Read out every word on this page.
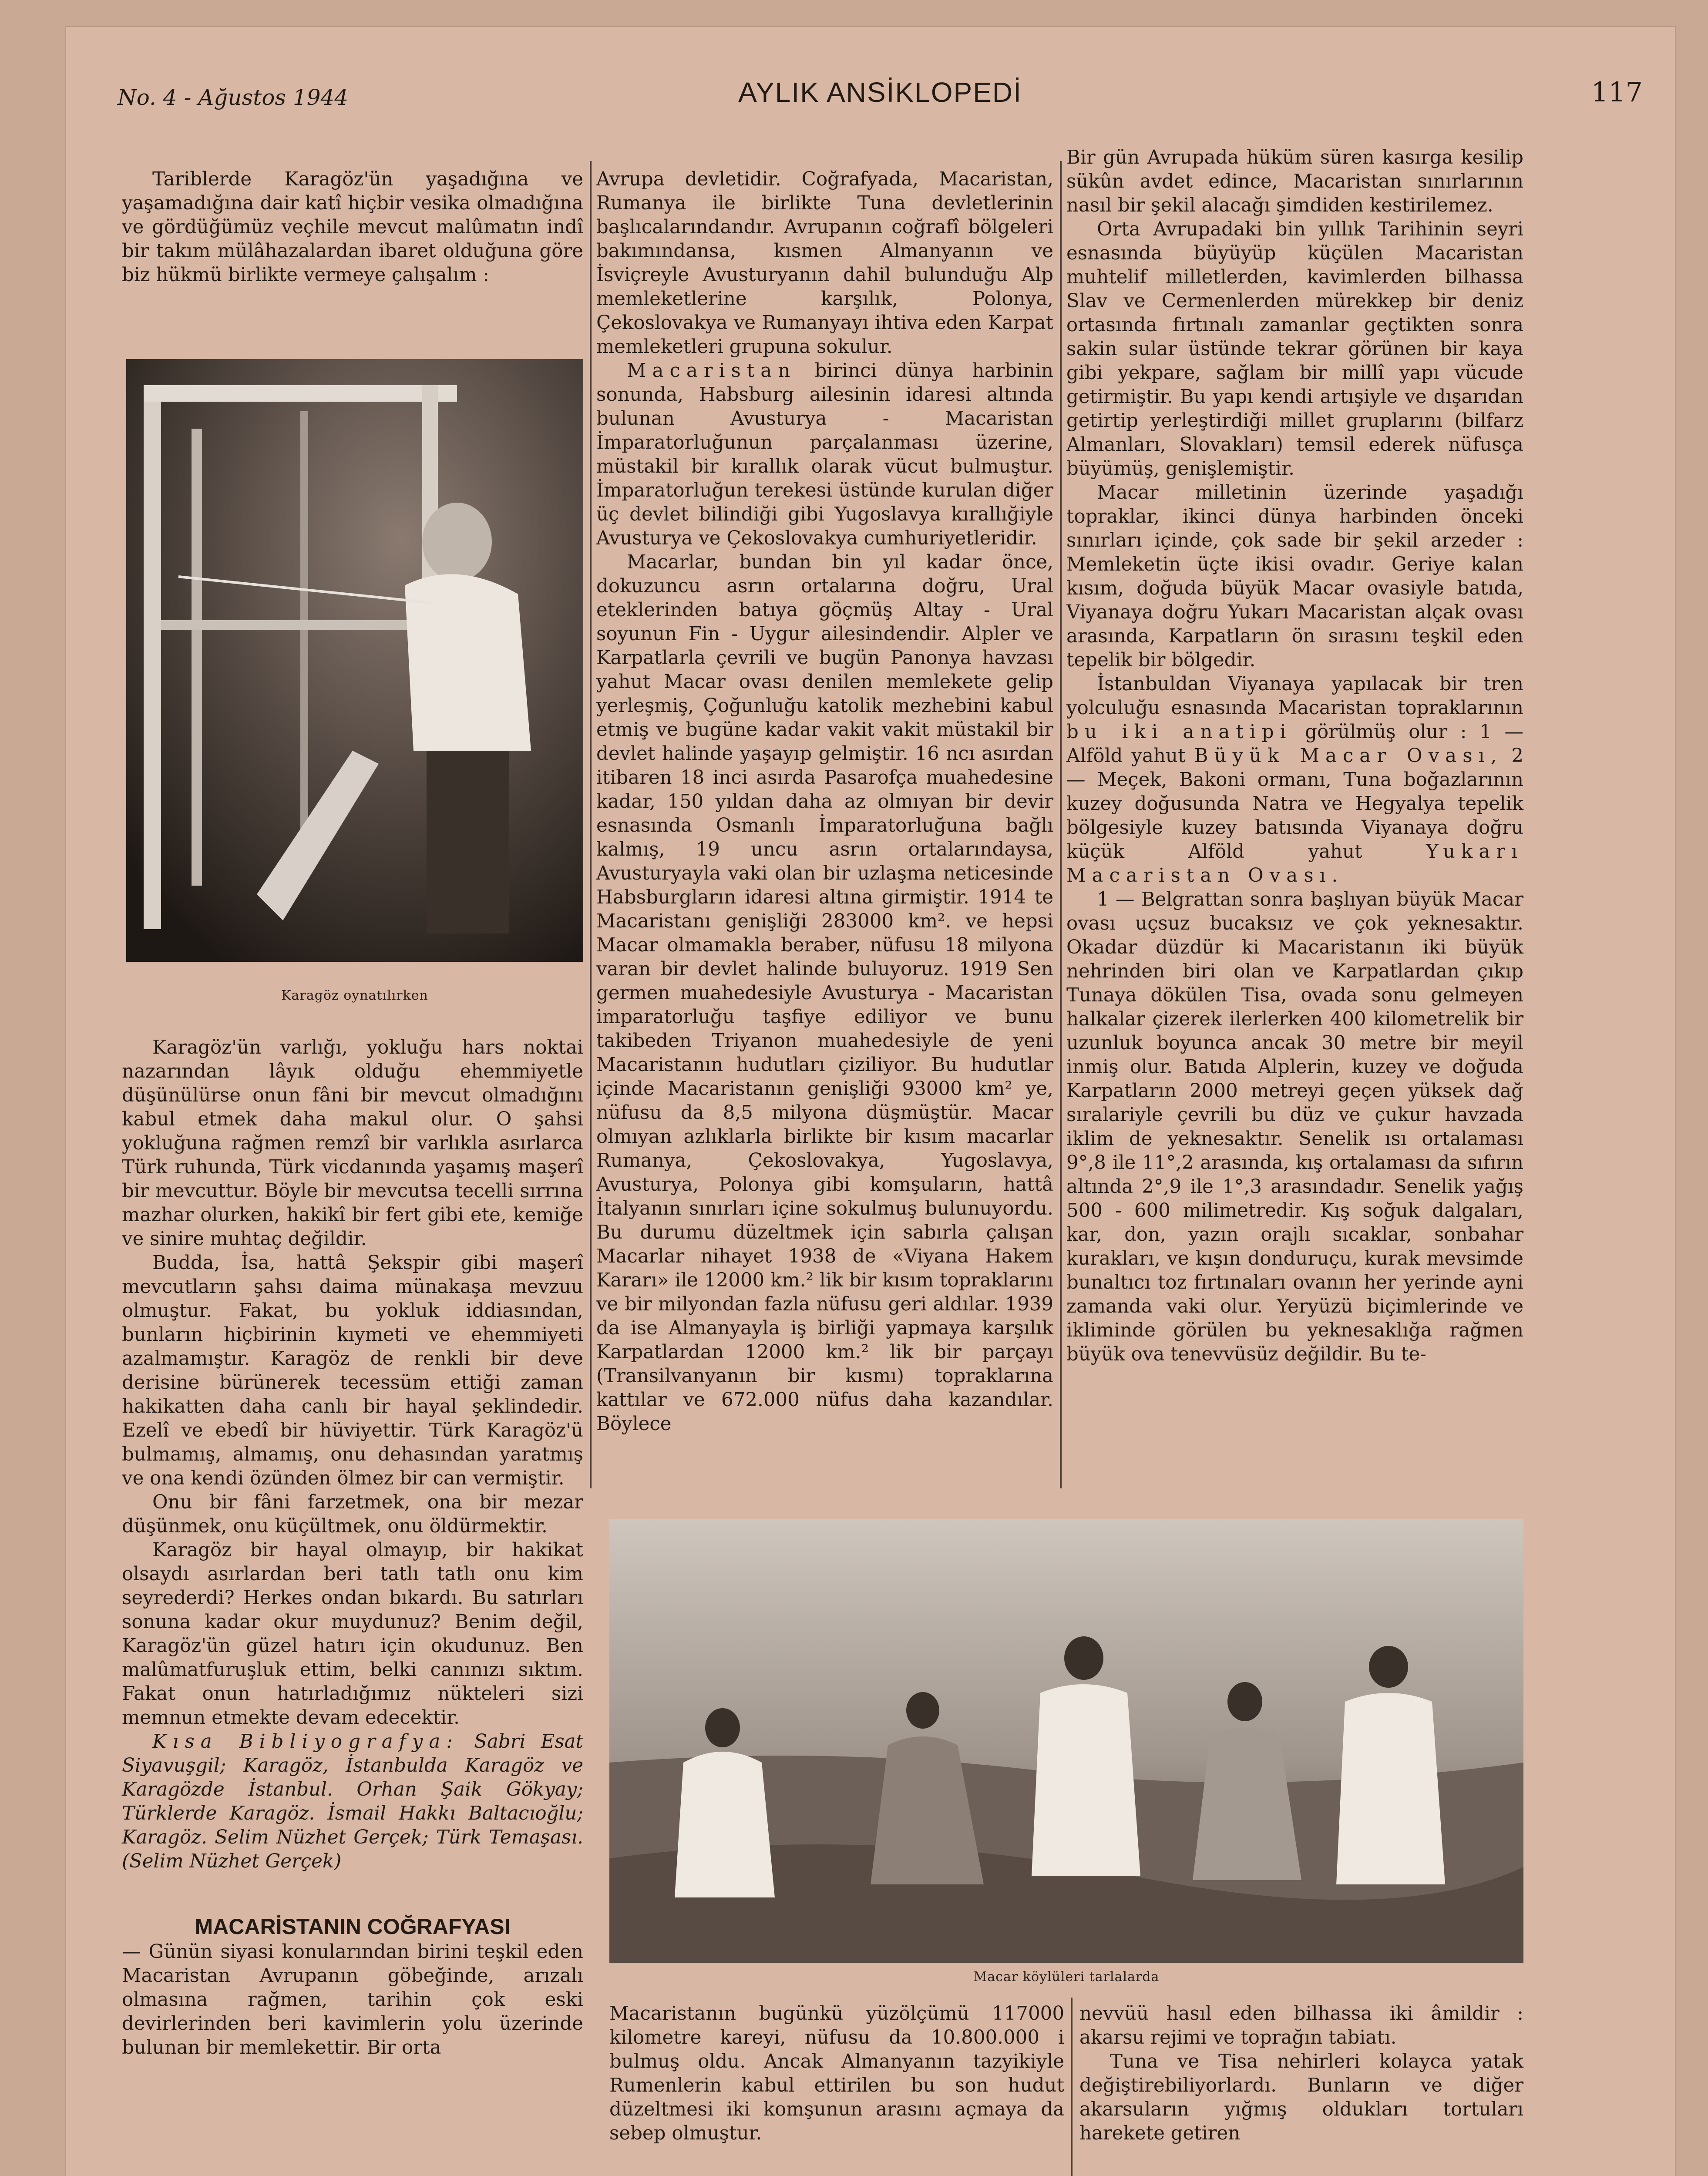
No. 4 - Ağustos 1944	AYLIK ANSİKLOPEDİ	117

Tariblerde Karagöz'ün yaşadığına ve yaşamadığına dair katî hiçbir vesika olmadığına ve gördüğümüz veçhile mevcut malûmatın indî bir takım mülâhazalardan ibaret olduğuna göre biz hükmü birlikte vermeye çalışalım :

Karagöz oynatılırken

Karagöz'ün varlığı, yokluğu hars noktai nazarından lâyık olduğu ehemmiyetle düşünülürse onun fâni bir mevcut olmadığını kabul etmek daha makul olur. O şahsi yokluğuna rağmen remzî bir varlıkla asırlarca Türk ruhunda, Türk vicdanında yaşamış maşerî bir mevcuttur. Böyle bir mevcutsa tecelli sırrına mazhar olurken, hakikî bir fert gibi ete, kemiğe ve sinire muhtaç değildir.

Budda, İsa, hattâ Şekspir gibi maşerî mevcutların şahsı daima münakaşa mevzuu olmuştur. Fakat, bu yokluk iddiasından, bunların hiçbirinin kıymeti ve ehemmiyeti azalmamıştır. Karagöz de renkli bir deve derisine bürünerek tecessüm ettiği zaman hakikatten daha canlı bir hayal şeklindedir. Ezelî ve ebedî bir hüviyettir. Türk Karagöz'ü bulmamış, almamış, onu dehasından yaratmış ve ona kendi özünden ölmez bir can vermiştir.

Onu bir fâni farzetmek, ona bir mezar düşünmek, onu küçültmek, onu öldürmektir.

Karagöz bir hayal olmayıp, bir hakikat olsaydı asırlardan beri tatlı tatlı onu kim seyrederdi? Herkes ondan bıkardı. Bu satırları sonuna kadar okur muydunuz? Benim değil, Karagöz'ün güzel hatırı için okudunuz. Ben malûmatfuruşluk ettim, belki canınızı sıktım. Fakat onun hatırladığımız nükteleri sizi memnun etmekte devam edecektir.

Kısa Bibliyografya: Sabri Esat Siyavuşgil; Karagöz, İstanbulda Karagöz ve Karagözde İstanbul. Orhan Şaik Gökyay; Türklerde Karagöz. İsmail Hakkı Baltacıoğlu; Karagöz. Selim Nüzhet Gerçek; Türk Temaşası. (Selim Nüzhet Gerçek)

MACARİSTANIN COĞRAFYASI

— Günün siyasi konularından birini teşkil eden Macaristan Avrupanın göbeğinde, arızalı olmasına rağmen, tarihin çok eski devirlerinden beri kavimlerin yolu üzerinde bulunan bir memlekettir. Bir orta

Avrupa devletidir. Coğrafyada, Macaristan, Rumanya ile birlikte Tuna devletlerinin başlıcalarındandır. Avrupanın coğrafî bölgeleri bakımındansa, kısmen Almanyanın ve İsviçreyle Avusturyanın dahil bulunduğu Alp memleketlerine karşılık, Polonya, Çekoslovakya ve Rumanyayı ihtiva eden Karpat memleketleri grupuna sokulur.

Macaristan birinci dünya harbinin sonunda, Habsburg ailesinin idaresi altında bulunan Avusturya - Macaristan İmparatorluğunun parçalanması üzerine, müstakil bir kırallık olarak vücut bulmuştur. İmparatorluğun terekesi üstünde kurulan diğer üç devlet bilindiği gibi Yugoslavya kırallığiyle Avusturya ve Çekoslovakya cumhuriyetleridir.

Macarlar, bundan bin yıl kadar önce, dokuzuncu asrın ortalarına doğru, Ural eteklerinden batıya göçmüş Altay - Ural soyunun Fin - Uygur ailesindendir. Alpler ve Karpatlarla çevrili ve bugün Panonya havzası yahut Macar ovası denilen memlekete gelip yerleşmiş, Çoğunluğu katolik mezhebini kabul etmiş ve bugüne kadar vakit vakit müstakil bir devlet halinde yaşayıp gelmiştir. 16 ncı asırdan itibaren 18 inci asırda Pasarofça muahedesine kadar, 150 yıldan daha az olmıyan bir devir esnasında Osmanlı İmparatorluğuna bağlı kalmış, 19 uncu asrın ortalarındaysa, Avusturyayla vaki olan bir uzlaşma neticesinde Habsburgların idaresi altına girmiştir. 1914 te Macaristanı genişliği 283000 km². ve hepsi Macar olmamakla beraber, nüfusu 18 milyona varan bir devlet halinde buluyoruz. 1919 Sen germen muahedesiyle Avusturya - Macaristan imparatorluğu taşfiye ediliyor ve bunu takibeden Triyanon muahedesiyle de yeni Macaristanın hudutları çiziliyor. Bu hudutlar içinde Macaristanın genişliği 93000 km² ye, nüfusu da 8,5 milyona düşmüştür. Macar olmıyan azlıklarla birlikte bir kısım macarlar Rumanya, Çekoslovakya, Yugoslavya, Avusturya, Polonya gibi komşuların, hattâ İtalyanın sınırları içine sokulmuş bulunuyordu. Bu durumu düzeltmek için sabırla çalışan Macarlar nihayet 1938 de «Viyana Hakem Kararı» ile 12000 km.² lik bir kısım topraklarını ve bir milyondan fazla nüfusu geri aldılar. 1939 da ise Almanyayla iş birliği yapmaya karşılık Karpatlardan 12000 km.² lik bir parçayı (Transilvanyanın bir kısmı) topraklarına kattılar ve 672.000 nüfus daha kazandılar. Böylece

Bir gün Avrupada hüküm süren kasırga kesilip sükûn avdet edince, Macaristan sınırlarının nasıl bir şekil alacağı şimdiden kestirilemez.

Orta Avrupadaki bin yıllık Tarihinin seyri esnasında büyüyüp küçülen Macaristan muhtelif milletlerden, kavimlerden bilhassa Slav ve Cermenlerden mürekkep bir deniz ortasında fırtınalı zamanlar geçtikten sonra sakin sular üstünde tekrar görünen bir kaya gibi yekpare, sağlam bir millî yapı vücude getirmiştir. Bu yapı kendi artışiyle ve dışarıdan getirtip yerleştirdiği millet gruplarını (bilfarz Almanları, Slovakları) temsil ederek nüfusça büyümüş, genişlemiştir.

Macar milletinin üzerinde yaşadığı topraklar, ikinci dünya harbinden önceki sınırları içinde, çok sade bir şekil arzeder : Memleketin üçte ikisi ovadır. Geriye kalan kısım, doğuda büyük Macar ovasiyle batıda, Viyanaya doğru Yukarı Macaristan alçak ovası arasında, Karpatların ön sırasını teşkil eden tepelik bir bölgedir.

İstanbuldan Viyanaya yapılacak bir tren yolculuğu esnasında Macaristan topraklarının bu iki anatipi görülmüş olur : 1 — Alföld yahut Büyük Macar Ovası, 2 — Meçek, Bakoni ormanı, Tuna boğazlarının kuzey doğusunda Natra ve Hegyalya tepelik bölgesiyle kuzey batısında Viyanaya doğru küçük Alföld yahut	Yukarı Macaristan Ovası.

1 — Belgrattan sonra başlıyan büyük Macar ovası uçsuz bucaksız ve çok yeknesaktır. Okadar düzdür ki Macaristanın iki büyük nehrinden biri olan ve Karpatlardan çıkıp Tunaya dökülen Tisa, ovada sonu gelmeyen halkalar çizerek ilerlerken 400 kilometrelik bir uzunluk boyunca ancak 30 metre bir meyil inmiş olur. Batıda Alplerin, kuzey ve doğuda Karpatların 2000 metreyi geçen yüksek dağ sıralariyle çevrili bu düz ve çukur havzada iklim de yeknesaktır. Senelik ısı ortalaması 9°,8 ile 11°,2 arasında, kış ortalaması da sıfırın altında 2°,9 ile 1°,3 arasındadır. Senelik yağış 500 - 600 milimetredir. Kış soğuk dalgaları, kar, don, yazın orajlı sıcaklar, sonbahar kurakları, ve kışın donduruçu, kurak mevsimde bunaltıcı toz fırtınaları ovanın her yerinde ayni zamanda vaki olur. Yeryüzü biçimlerinde ve ikliminde görülen bu yeknesaklığa rağmen büyük ova tenevvüsüz değildir. Bu te-

Macar köylüleri tarlalarda

Macaristanın bugünkü yüzölçümü 117000 kilometre kareyi, nüfusu da 10.800.000 i bulmuş oldu. Ancak Almanyanın tazyikiyle Rumenlerin kabul ettirilen bu son hudut düzeltmesi iki komşunun arasını açmaya da sebep olmuştur.

nevvüü hasıl eden bilhassa iki âmildir : akarsu rejimi ve toprağın tabiatı.

Tuna ve Tisa nehirleri kolayca yatak değiştirebiliyorlardı. Bunların ve diğer akarsuların yığmış oldukları tortuları harekete getiren
